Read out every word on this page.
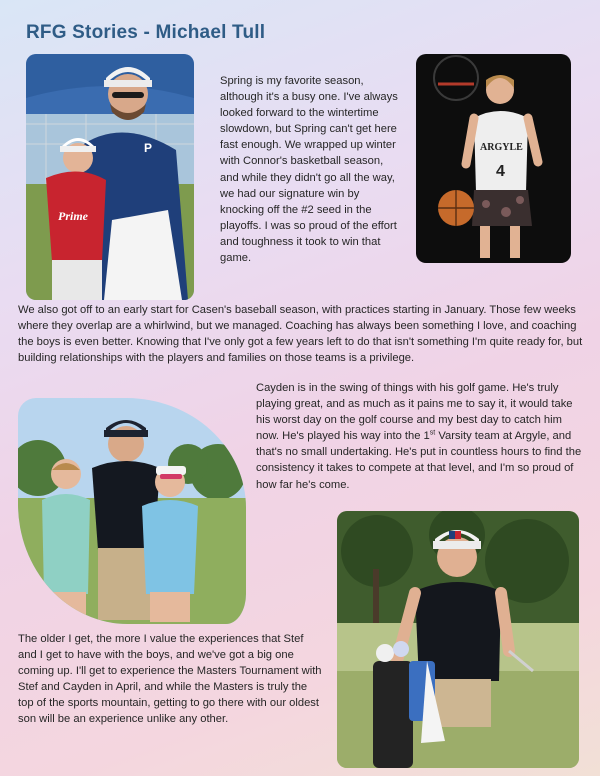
RFG Stories - Michael Tull
P
Prime
Spring is my favorite season, although it's a busy one. I've always looked forward to the wintertime slowdown, but Spring can't get here fast enough. We wrapped up winter with Connor's basketball season, and while they didn't go all the way, we had our signature win by knocking off the #2 seed in the playoffs. I was so proud of the effort and toughness it took to win that game.
ARGYLE
4
We also got off to an early start for Casen's baseball season, with practices starting in January. Those few weeks where they overlap are a whirlwind, but we managed. Coaching has always been something I love, and coaching the boys is even better. Knowing that I've only got a few years left to do that isn't something I'm quite ready for, but building relationships with the players and families on those teams is a privilege.
Cayden is in the swing of things with his golf game. He's truly playing great, and as much as it pains me to say it, it would take his worst day on the golf course and my best day to catch him now. He's played his way into the 1st Varsity team at Argyle, and that's no small undertaking. He's put in countless hours to find the consistency it takes to compete at that level, and I'm so proud of how far he's come.
The older I get, the more I value the experiences that Stef and I get to have with the boys, and we've got a big one coming up. I'll get to experience the Masters Tournament with Stef and Cayden in April, and while the Masters is truly the top of the sports mountain, getting to go there with our oldest son will be an experience unlike any other.
